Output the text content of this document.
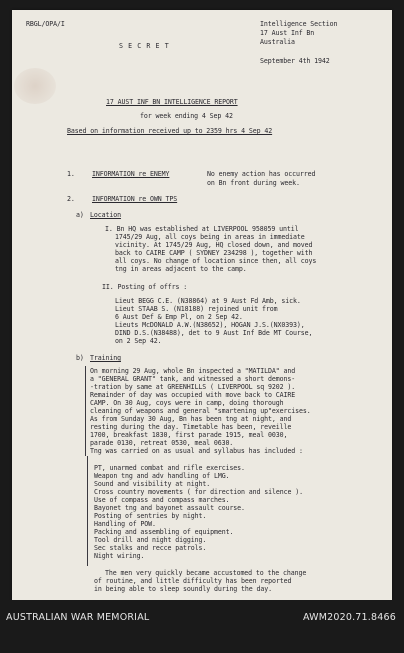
RBGL/OPA/I
S E C R E T
Intelligence Section
17 Aust Inf Bn
Australia
September 4th 1942
17 AUST INF BN INTELLIGENCE REPORT
for week ending 4 Sep 42
Based on information received up to 2359 hrs 4 Sep 42
1.	INFORMATION re ENEMY	No enemy action has occurred
on Bn front during week.
2.	INFORMATION re OWN TPS
a) Location
I. Bn HQ was established at LIVERPOOL 958059 until
1745/29 Aug, all coys being in areas in immediate
vicinity. At 1745/29 Aug, HQ closed down, and moved
back to CAIRE CAMP ( SYDNEY 234298 ), together with
all coys. No change of location since then, all coys
tng in areas adjacent to the camp.
II. Posting of offrs :
Lieut BEGG C.E. (N38864) at 9 Aust Fd Amb, sick.
Lieut STAAB S. (N18188) rejoined unit from
6 Aust Def & Emp Pl, on 2 Sep 42.
Lieuts McDONALD A.W.(N38652), HOGAN J.S.(NX0393),
DIND D.S.(N38488), det to 9 Aust Inf Bde MT Course,
on 2 Sep 42.
b) Training
On morning 29 Aug, whole Bn inspected a "MATILDA" and
a "GENERAL GRANT" tank, and witnessed a short demons-
-tration by same at GREENHILLS ( LIVERPOOL sq 9202 ).
Remainder of day was occupied with move back to CAIRE
CAMP. On 30 Aug, coys were in camp, doing thorough
cleaning of weapons and general "smartening up"exercises.
As from Sunday 30 Aug, Bn has been tng at night, and
resting during the day. Timetable has been, reveille
1700, breakfast 1830, first parade 1915, meal 0030,
parade 0130, retreat 0530, meal 0630.
Tng was carried on as usual and syllabus has included :
PT, unarmed combat and rifle exercises.
Weapon tng and adv handling of LMG.
Sound and visibility at night.
Cross country movements ( for direction and silence ).
Use of compass and compass marches.
Bayonet tng and bayonet assault course.
Posting of sentries by night.
Handling of POW.
Packing and assembling of equipment.
Tool drill and night digging.
Sec stalks and recce patrols.
Night wiring.
The men very quickly became accustomed to the change
of routine, and little difficulty has been reported
in being able to sleep soundly during the day.
AUSTRALIAN WAR MEMORIAL	AWM2020.71.8466
